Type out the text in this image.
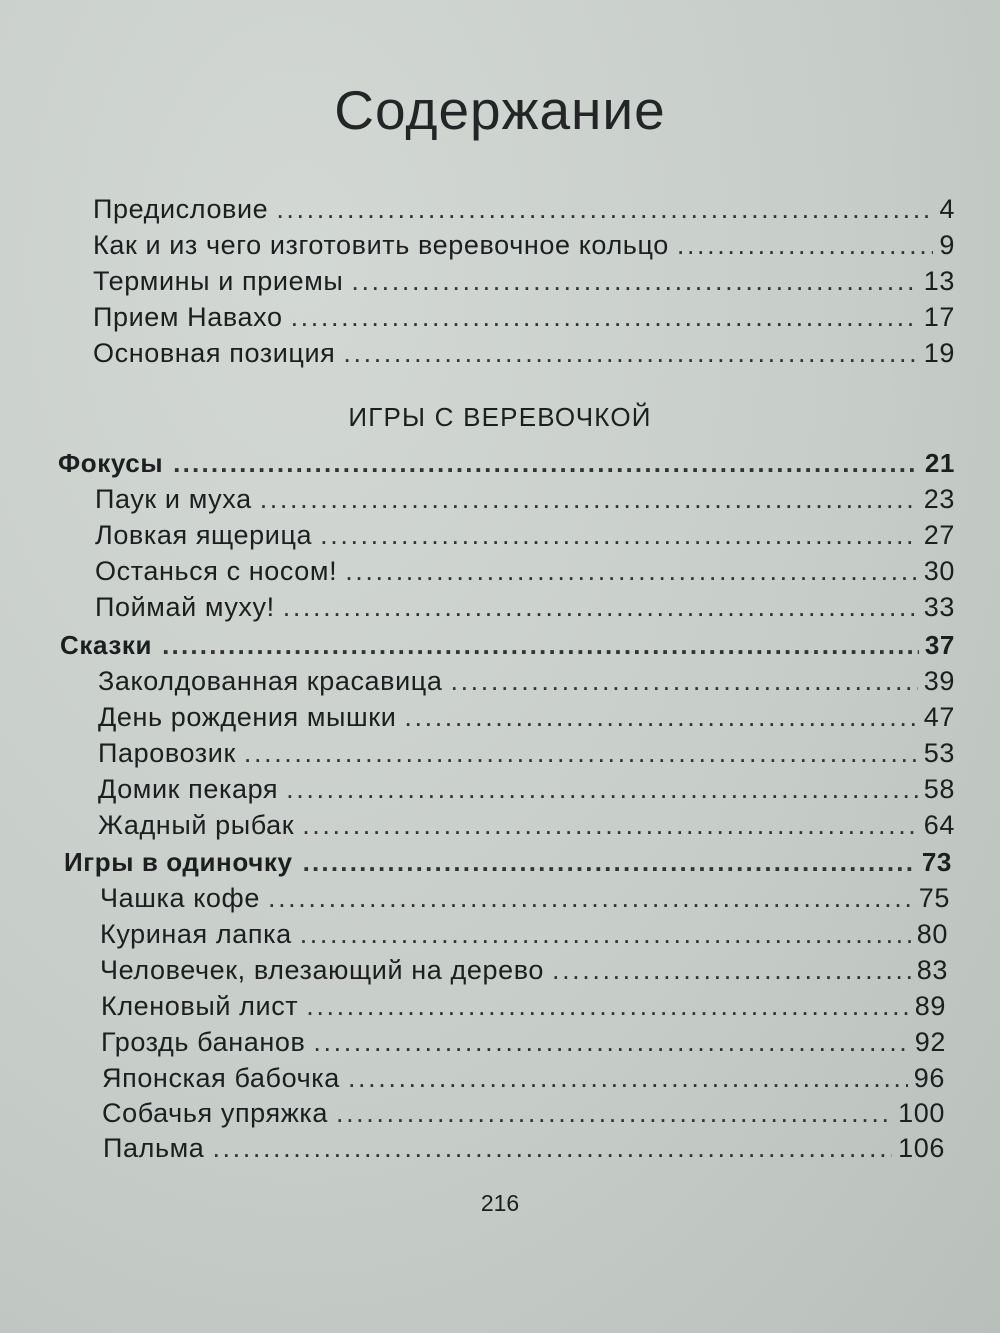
Содержание
Предисловие .....	4
Как и из чего изготовить веревочное кольцо .....	9
Термины и приемы .....	13
Прием Навахо .....	17
Основная позиция .....	19
ИГРЫ С ВЕРЕВОЧКОЙ
Фокусы .....	21
Паук и муха .....	23
Ловкая ящерица .....	27
Останься с носом! .....	30
Поймай муху! .....	33
Сказки .....	37
Заколдованная красавица .....	39
День рождения мышки .....	47
Паровозик .....	53
Домик пекаря .....	58
Жадный рыбак .....	64
Игры в одиночку .....	73
Чашка кофе .....	75
Куриная лапка .....	80
Человечек, влезающий на дерево .....	83
Кленовый лист .....	89
Гроздь бананов .....	92
Японская бабочка .....	96
Собачья упряжка .....	100
Пальма .....	106
216
